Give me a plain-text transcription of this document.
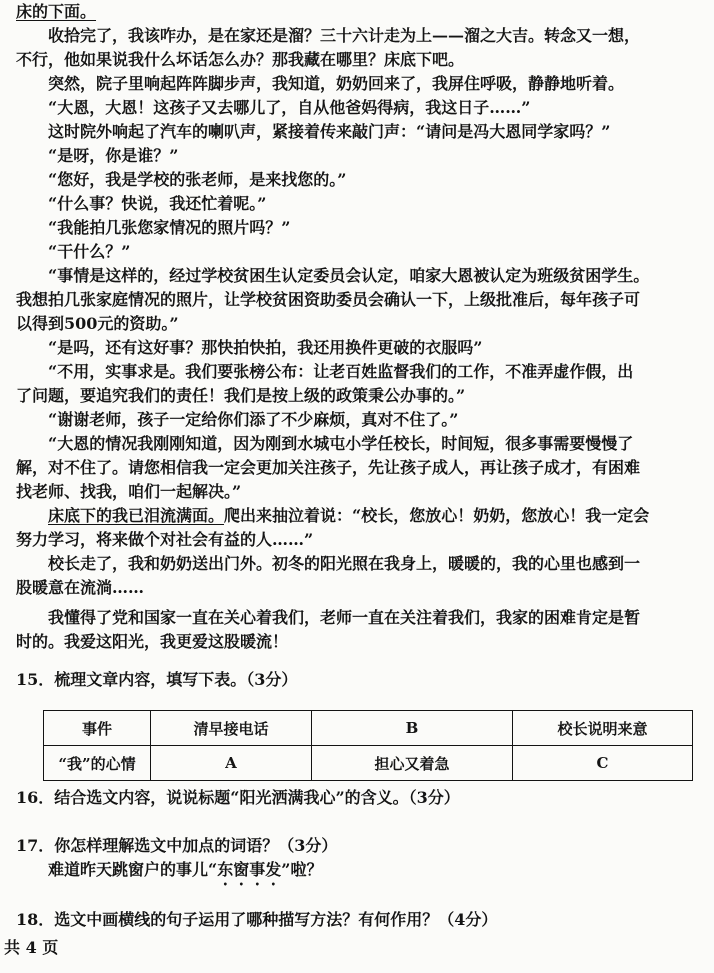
床的下面。
收拾完了，我该咋办，是在家还是溜？三十六计走为上——溜之大吉。转念又一想，
不行，他如果说我什么坏话怎么办？那我藏在哪里？床底下吧。
突然，院子里响起阵阵脚步声，我知道，奶奶回来了，我屏住呼吸，静静地听着。
“大恩，大恩！这孩子又去哪儿了，自从他爸妈得病，我这日子……”
这时院外响起了汽车的喇叭声，紧接着传来敲门声：“请问是冯大恩同学家吗？”
“是呀，你是谁？”
“您好，我是学校的张老师，是来找您的。”
“什么事？快说，我还忙着呢。”
“我能拍几张您家情况的照片吗？”
“干什么？”
“事情是这样的，经过学校贫困生认定委员会认定，咱家大恩被认定为班级贫困学生。
我想拍几张家庭情况的照片，让学校贫困资助委员会确认一下，上级批准后，每年孩子可
以得到500元的资助。”
“是吗，还有这好事？那快拍快拍，我还用换件更破的衣服吗”
“不用，实事求是。我们要张榜公布：让老百姓监督我们的工作，不准弄虚作假，出
了问题，要追究我们的责任！我们是按上级的政策秉公办事的。”
“谢谢老师，孩子一定给你们添了不少麻烦，真对不住了。”
“大恩的情况我刚刚知道，因为刚到水城屯小学任校长，时间短，很多事需要慢慢了
解，对不住了。请您相信我一定会更加关注孩子，先让孩子成人，再让孩子成才，有困难
找老师、找我，咱们一起解决。”
床底下的我已泪流满面。爬出来抽泣着说：“校长，您放心！奶奶，您放心！我一定会
努力学习，将来做个对社会有益的人……”
校长走了，我和奶奶送出门外。初冬的阳光照在我身上，暖暖的，我的心里也感到一
股暖意在流淌……
我懂得了党和国家一直在关心着我们，老师一直在关注着我们，我家的困难肯定是暂
时的。我爱这阳光，我更爱这股暖流！
15．梳理文章内容，填写下表。（3分）
事件	清早接电话	B	校长说明来意
“我”的心情	A	担心又着急	C
16．结合选文内容，说说标题“阳光洒满我心”的含义。（3分）
17．你怎样理解选文中加点的词语？（3分）
难道昨天跳窗户的事儿“东窗事发”啦？
18．选文中画横线的句子运用了哪种描写方法？有何作用？（4分）
共 4 页
